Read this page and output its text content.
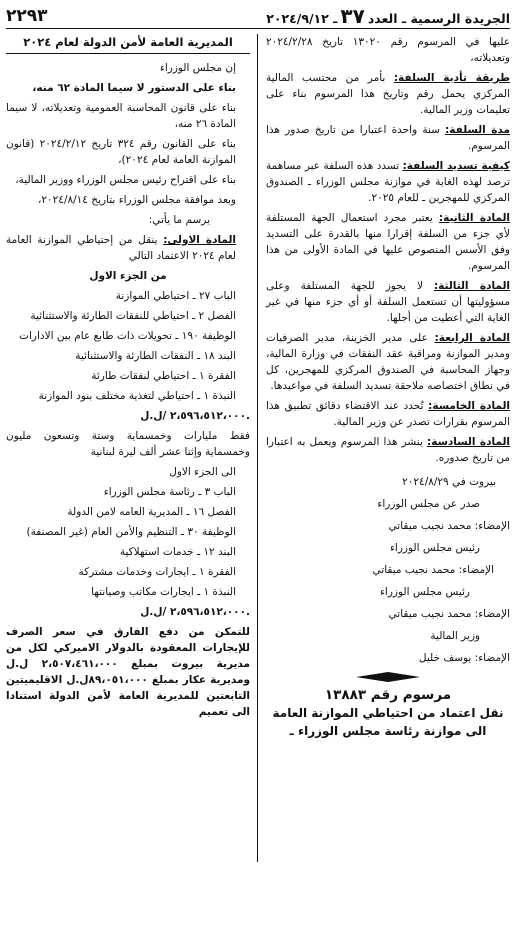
الجريدة الرسمية ـ العدد
٣٧
ـ ٢٠٢٤/٩/١٢
٢٢٩٣

عليها في المرسوم رقم ١٣٠٢٠ تاريخ ٢٠٢٤/٢/٢٨ وتعديلاته،

طريقة تأدية السلفة: بأمر من محتسب المالية المركزي يحمل رقم وتاريخ هذا المرسوم بناء على تعليمات وزير المالية.

مدة السلفة: سنة واحدة اعتبارا من تاريخ صدور هذا المرسوم.

كيفية تسديد السلفة: تسدد هذه السلفة عبر مساهمة ترصد لهذه الغاية في موازنة مجلس الوزراء ـ الصندوق المركزي للمهجرين ـ للعام ٢٠٢٥.

المادة الثانية: يعتبر مجرد استعمال الجهة المستلفة لأي جزء من السلفة إقرارا منها بالقدرة على التسديد وفق الأسس المنصوص عليها في المادة الأولى من هذا المرسوم.

المادة الثالثة: لا يجوز للجهة المستلفة وعلى مسؤوليتها أن تستعمل السلفة أو أي جزء منها في غير الغاية التي أعطيت من أجلها.

المادة الرابعة: على مدير الخزينة، مدير الصرفيات ومدير الموازنة ومراقبة عقد النفقات في وزارة المالية، وجهاز المحاسبة في الصندوق المركزي للمهجرين، كل في نطاق اختصاصه ملاحقة تسديد السلفة في مواعيدها.

المادة الخامسة: تُحدد عند الاقتضاء دقائق تطبيق هذا المرسوم بقرارات تصدر عن وزير المالية.

المادة السادسة: ينشر هذا المرسوم ويعمل به اعتبارا من تاريخ صدوره.

بيروت في ٢٠٢٤/٨/٢٩

صدر عن مجلس الوزراء

الإمضاء: محمد نجيب ميقاتي

رئيس مجلس الوزراء

الإمضاء: محمد نجيب ميقاتي

رئيس مجلس الوزراء

الإمضاء: محمد نجيب ميقاتي

وزير المالية

الإمضاء: يوسف خليل

مرسوم رقم ١٣٨٨٣
نقل اعتماد من احتياطي الموازنة العامة
الى موازنة رئاسة مجلس الوزراء ـ

المديرية العامة لأمن الدولة لعام ٢٠٢٤

إن مجلس الوزراء

بناء على الدستور لا سيما المادة ٦٢ منه،

بناء على قانون المحاسبة العمومية وتعديلاته، لا سيما المادة ٢٦ منه،

بناء على القانون رقم ٣٢٤ تاريخ ٢٠٢٤/٢/١٢ (قانون الموازنة العامة لعام ٢٠٢٤)،

بناء على اقتراح رئيس مجلس الوزراء ووزير المالية،

وبعد موافقة مجلس الوزراء بتاريخ ٢٠٢٤/٨/١٤،

يرسم ما يأتي:

المادة الاولى: ينقل من إحتياطي الموازنة العامة لعام ٢٠٢٤ الاعتماد التالي

من الجزء الاول

الباب ٢٧ ـ احتياطي الموازنة

الفصل ٢ ـ احتياطي للنفقات الطارئة والاستثنائية

الوظيفة ١٩٠ ـ تحويلات ذات طابع عام بين الادارات

البند ١٨ ـ النفقات الطارئة والاستثنائية

الفقرة ١ ـ احتياطي لنفقات طارئة

النبذة ١ ـ احتياطي لتغذية مختلف بنود الموازنة

٢،٥٩٦،٥١٢،٠٠٠ /ل.ل.

فقط مليارات وخمسماية وستة وتسعون مليون وخمسماية وإثنا عشر ألف ليرة لبنانية

الى الجزء الاول

الباب ٣ ـ رئاسة مجلس الوزراء

الفصل ١٦ ـ المديرية العامه لامن الدولة

الوظيفة ٣٠ ـ التنظيم والأمن العام (غير المصنفة)

البند ١٢ ـ خدمات استهلاكية

الفقرة ١ ـ ايجارات وخدمات مشتركة

النبذة ١ ـ ايجارات مكاتب وصيانتها

٢،٥٩٦،٥١٢،٠٠٠ /ل.ل.

للتمكن من دفع الفارق في سعر الصرف للإيجارات المعقودة بالدولار الاميركي لكل من مديرية بيروت بمبلغ ٢،٥٠٧،٤٦١،٠٠٠ ل.ل ومديرية عكار بمبلغ ٨٩،٠٥١،٠٠٠ل.ل الاقليميتين التابعتين للمديرية العامة لأمن الدولة استنادا الى تعميم
